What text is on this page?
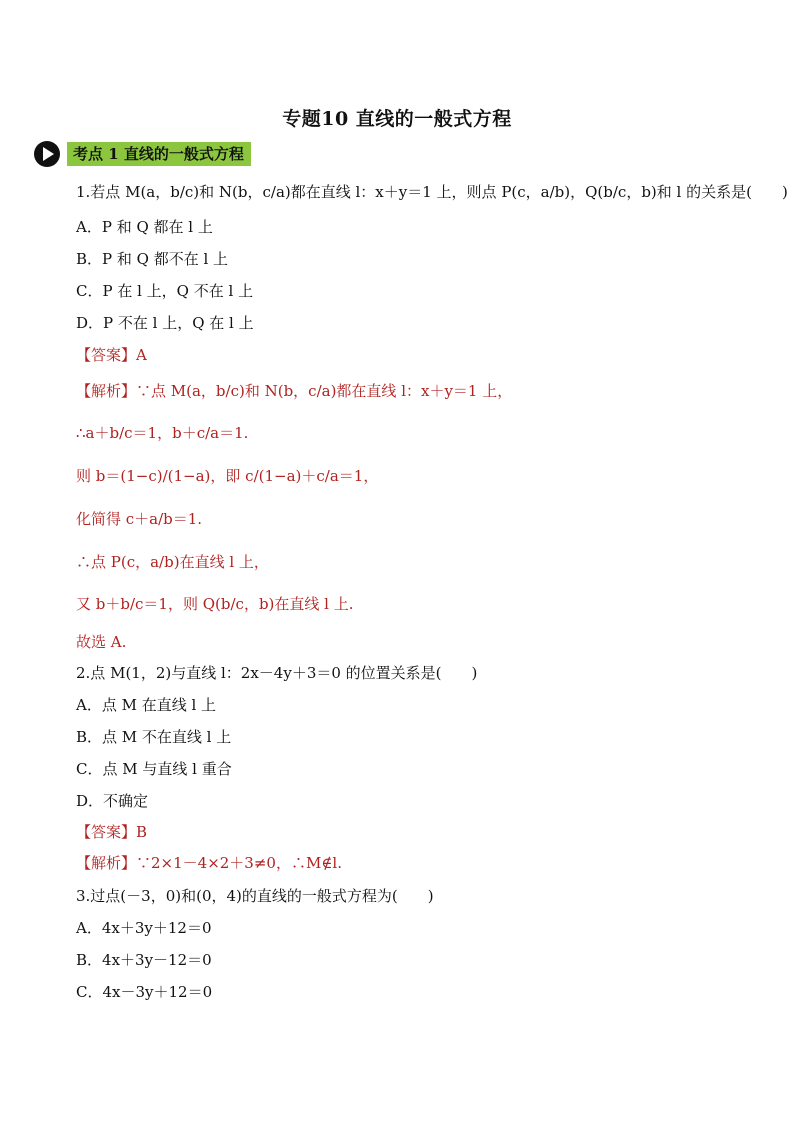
专题10 直线的一般式方程
考点 1 直线的一般式方程
1.若点 M(a，b/c)和 N(b，c/a)都在直线 l：x＋y＝1 上，则点 P(c，a/b)，Q(b/c，b)和 l 的关系是(　　)
A．P 和 Q 都在 l 上
B．P 和 Q 都不在 l 上
C．P 在 l 上，Q 不在 l 上
D．P 不在 l 上，Q 在 l 上
【答案】A
【解析】∵点 M(a，b/c)和 N(b，c/a)都在直线 l：x＋y＝1 上，
∴a＋b/c＝1，b＋c/a＝1.
则 b＝(1−c)/(1−a)，即 c/(1−a)＋c/a＝1，
化简得 c＋a/b＝1.
∴点 P(c，a/b)在直线 l 上，
又 b＋b/c＝1，则 Q(b/c，b)在直线 l 上.
故选 A.
2.点 M(1，2)与直线 l：2x－4y＋3＝0 的位置关系是(　　)
A．点 M 在直线 l 上
B．点 M 不在直线 l 上
C．点 M 与直线 l 重合
D．不确定
【答案】B
【解析】∵2×1－4×2＋3≠0，∴M∉l.
3.过点(－3，0)和(0，4)的直线的一般式方程为(　　)
A．4x＋3y＋12＝0
B．4x＋3y－12＝0
C．4x－3y＋12＝0
